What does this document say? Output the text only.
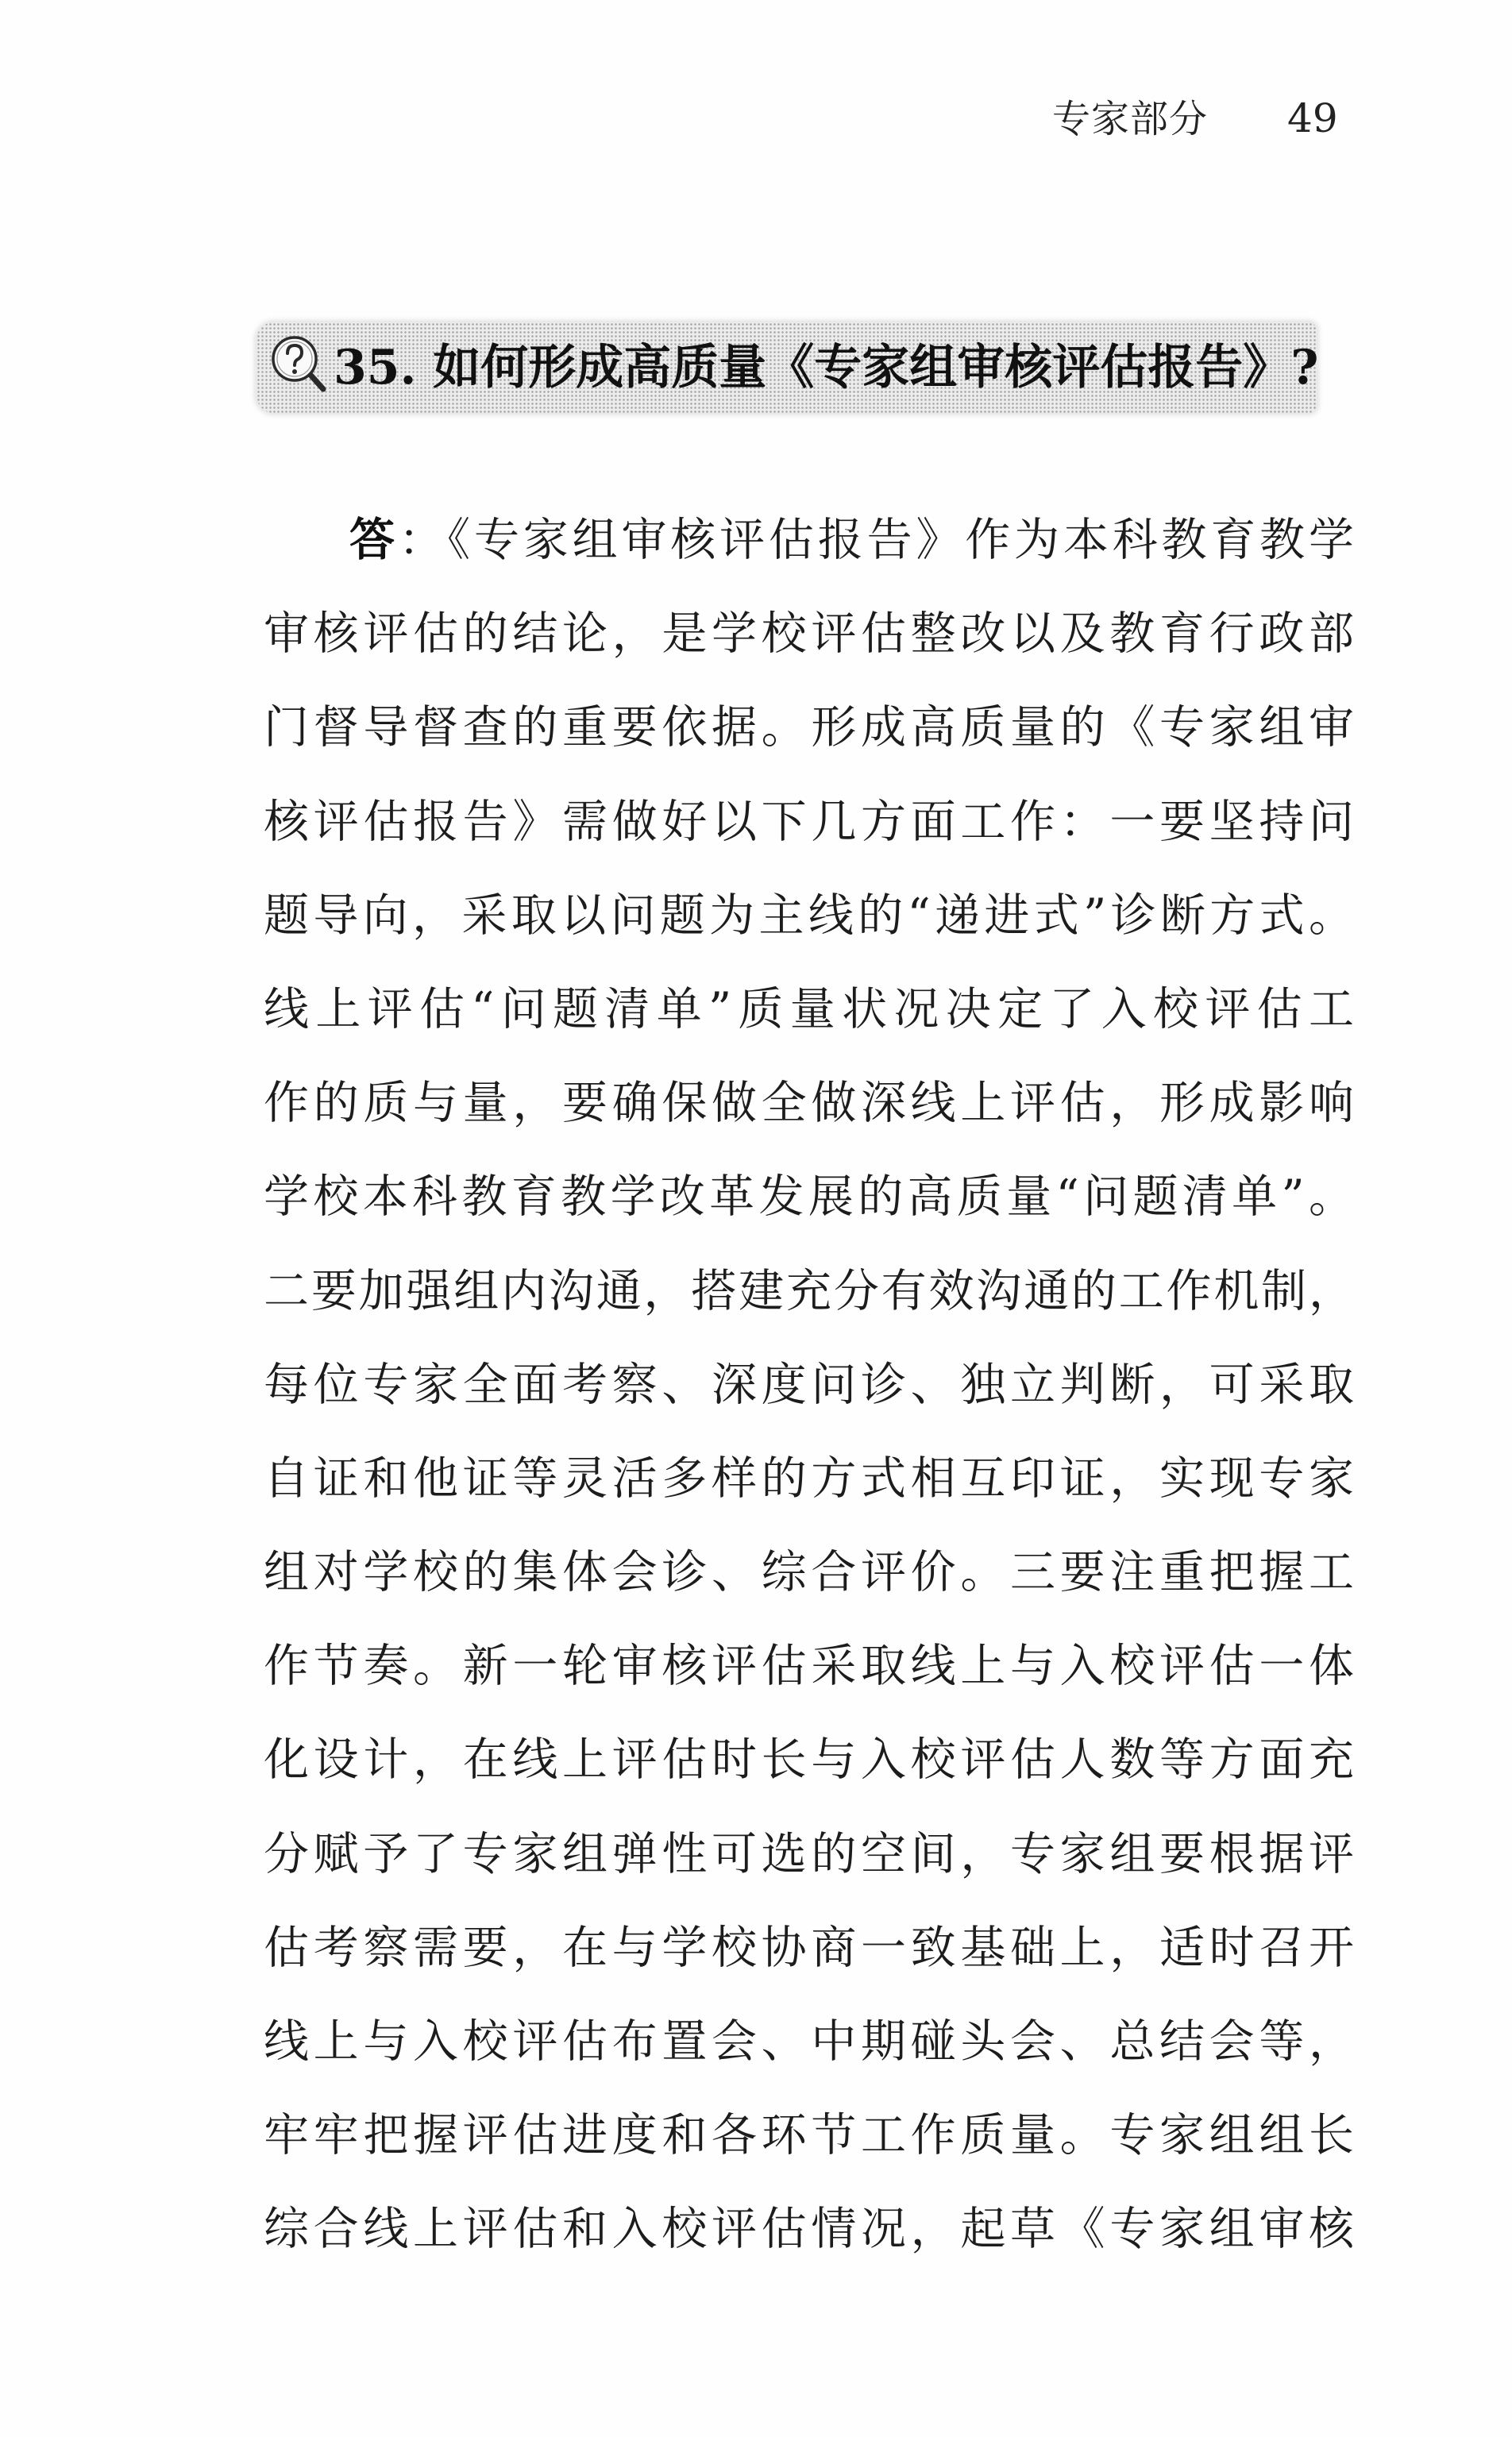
专家部分 49
35. 如何形成高质量《专家组审核评估报告》?
答：《专家组审核评估报告》作为本科教育教学
审核评估的结论，是学校评估整改以及教育行政部
门督导督查的重要依据。形成高质量的《专家组审
核评估报告》需做好以下几方面工作：一要坚持问
题导向，采取以问题为主线的“递进式”诊断方式。
线上评估“问题清单”质量状况决定了入校评估工
作的质与量，要确保做全做深线上评估，形成影响
学校本科教育教学改革发展的高质量“问题清单”。
二要加强组内沟通，搭建充分有效沟通的工作机制，
每位专家全面考察、深度问诊、独立判断，可采取
自证和他证等灵活多样的方式相互印证，实现专家
组对学校的集体会诊、综合评价。三要注重把握工
作节奏。新一轮审核评估采取线上与入校评估一体
化设计，在线上评估时长与入校评估人数等方面充
分赋予了专家组弹性可选的空间，专家组要根据评
估考察需要，在与学校协商一致基础上，适时召开
线上与入校评估布置会、中期碰头会、总结会等，
牢牢把握评估进度和各环节工作质量。专家组组长
综合线上评估和入校评估情况，起草《专家组审核
